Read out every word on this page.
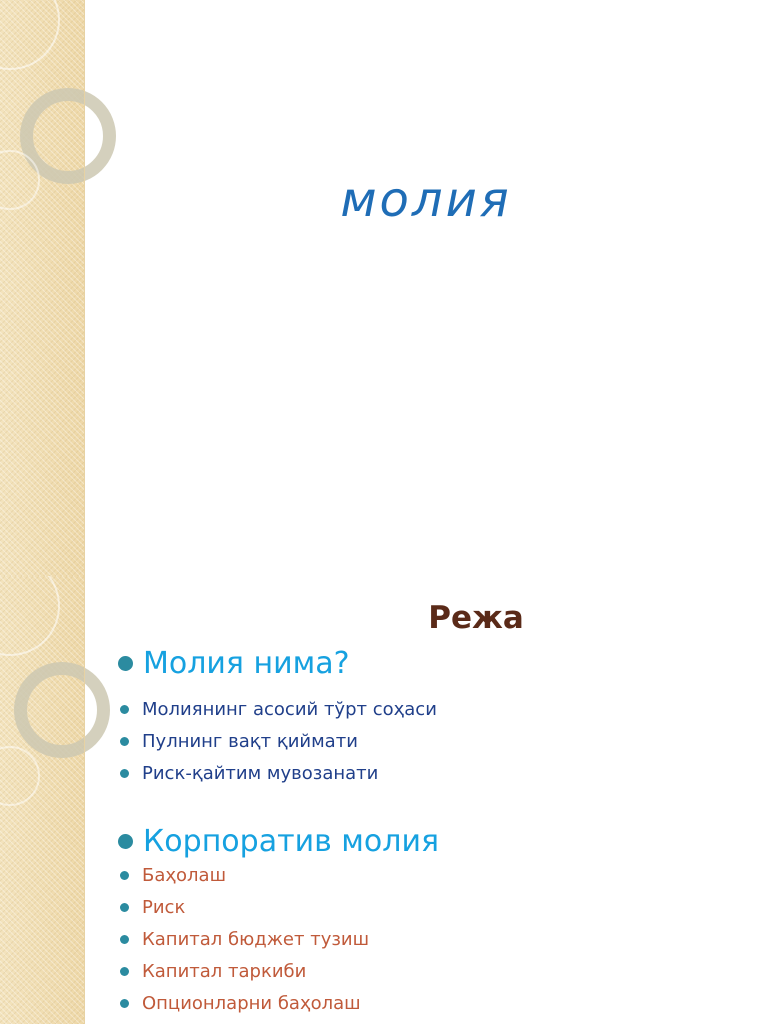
молия
Режа
Молия нима?
Молиянинг асосий тўрт соҳаси
Пулнинг вақт қиймати
Риск-қайтим мувозанати
Корпоратив молия
Баҳолаш
Риск
Капитал бюджет тузиш
Капитал таркиби
Опционларни баҳолаш
